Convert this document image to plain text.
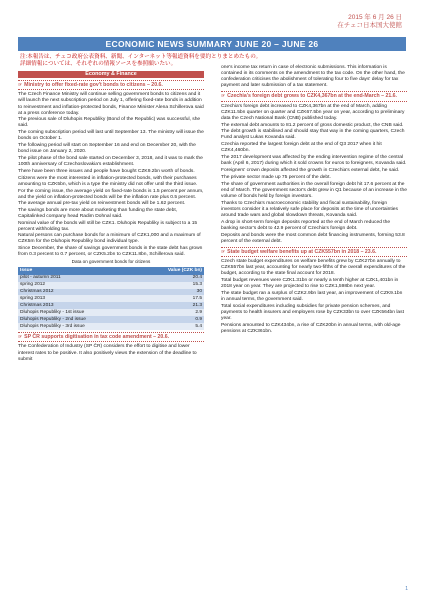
2015 年 6 月 26 日
在チェコ日本国大使館
ECONOMIC NEWS SUMMARY JUNE 20 – JUNE 26
注:本報告は、チェコ政府公表資料、新聞、インターネット等報道資料を要約とりまとめたもの。
詳細情報については、それぞれの情報ソースを参照願いたい。
Economy & Finance
☞ Ministry to offer fixed-rate gov't bonds to citizens – 20.6.

The Czech Finance Ministry will continue selling government bonds to citizens and it will launch the next subscription period on July 1, offering fixed-rate bonds in addition to reinvestment and inflation-protected bonds, Finance Minister Alena Schillerova said at a press conference today.

The previous sale of Dluhopis Republiky (Bond of the Republic) was successful, she said.

The coming subscription period will last until September 13. The ministry will issue the bonds on October 1.

The following period will start on September 16 and end on December 20, with the bond issue on January 2, 2020.

The pilot phase of the bond sale started on December 3, 2018, and it was to mark the 100th anniversary of Czechoslovakia's establishment.

There have been three issues and people have bought CZK9.2bn worth of bonds.

Citizens were the most interested in inflation-protected bonds, with their purchases amounting to CZK5bn, which is a type the ministry did not offer until the third issue.

For the coming issue, the average yield on fixed-rate bonds is 1.5 percent per annum, and the yield on inflation-protected bonds will be the inflation rate plus 0.5 percent. The average annual pre-tax yield on reinvestment bonds will be 1.62 percent.

The savings bonds are more about marketing than funding the state debt, Capitalinked company head Radim Dohnal said.

Nominal value of the bonds will still be CZK1. Dluhopis Republiky is subject to a 15 percent withholding tax.

Natural persons can purchase bonds for a minimum of CZK1,000 and a maximum of CZK5m for the Dluhopis Republiky bond individual type.

Since December, the share of savings government bonds in the state debt has grown from 0.3 percent to 0.7 percent, or CZK5.2bn to CZK11.8bn, Schillerova said.

Data on government bonds for citizens
Issue	Value (CZK bn)
pilot - autumn 2011	20.4
spring 2012	15.3
Christmas 2012	30
spring 2013	17.5
Christmas 2013	21.3
Dluhopis Republiky - 1st issue	2.9
Dluhopis Republiky - 2nd issue	0.9
Dluhopis Republiky - 3rd issue	5.4
☞ SP ČR supports digitisation in tax code amendment – 20.6.

The Confederation of Industry (SP ČR) considers the effort to digitise and lower interest rates to be positive. It also positively views the extension of the deadline to submit

one's income tax return in case of electronic submissions. This information is contained in its comments on the amendment to the tax code. On the other hand, the confederation criticises the abolishment of tolerating four to five days' delay for tax payment and later submission of a tax statement.

☞ Czechia's foreign debt grows to CZK4,367bn at the end-March – 21.6.

Czechia's foreign debt increased to CZK4,367bn at the end of March, adding CZK11.5bn quarter on quarter and CZK67.5bn year on year, according to preliminary data the Czech National Bank (CNB) published today.

The external debt amounts to 81.2 percent of gross domestic product, the CNB said.

The debt growth is stabilised and should stay that way in the coming quarters, Czech Fund analyst Lukas Kovanda said.

Czechia reported the largest foreign debt at the end of Q3 2017 when it hit CZK4,460bn.

The 2017 development was affected by the ending intervention regime of the central bank (April 6, 2017) during which it sold crowns for euros to foreigners, Kovanda said.

Foreigners' crown deposits affected the growth in Czechia's external debt, he said.

The private sector made up 75 percent of the debt.

The share of government authorities in the overall foreign debt hit 17.6 percent at the end of March. The government sector's debt grew in Q1 because of an increase in the volume of bonds held by foreign investors.

Thanks to Czechia's macroeconomic stability and fiscal sustainability, foreign investors consider it a relatively safe place for deposits at the time of uncertainties around trade wars and global slowdown threats, Kovanda said.

A drop in short-term foreign deposits reported at the end of March reduced the banking sector's debt to 42.9 percent of Czechia's foreign debt.

Deposits and bonds were the most common debt financing instruments, forming 53.8 percent of the external debt.

☞ State budget welfare benefits up at CZK557bn in 2018 – 23.6.

Czech state budget expenditures on welfare benefits grew by CZK27bn annually to CZK557bn last year, accounting for nearly two-fifths of the overall expenditures of the budget, according to the state final account for 2018.

Total budget revenues were CZK1.31bn or nearly a tenth higher at CZK1,401bn in 2018 year on year. They are projected to rise to CZK1,598bn next year.

The state budget ran a surplus of CZK2.9bn last year, an improvement of CZK9.1bn in annual terms, the government said.

Total social expenditures including subsidies for private pension schemes, and payments to health insurers and employers rose by CZK33bn to over CZK564bn last year.

Pensions amounted to CZK434bn, a rise of CZK20bn in annual terms, with old-age pensions at CZK361bn.

1
